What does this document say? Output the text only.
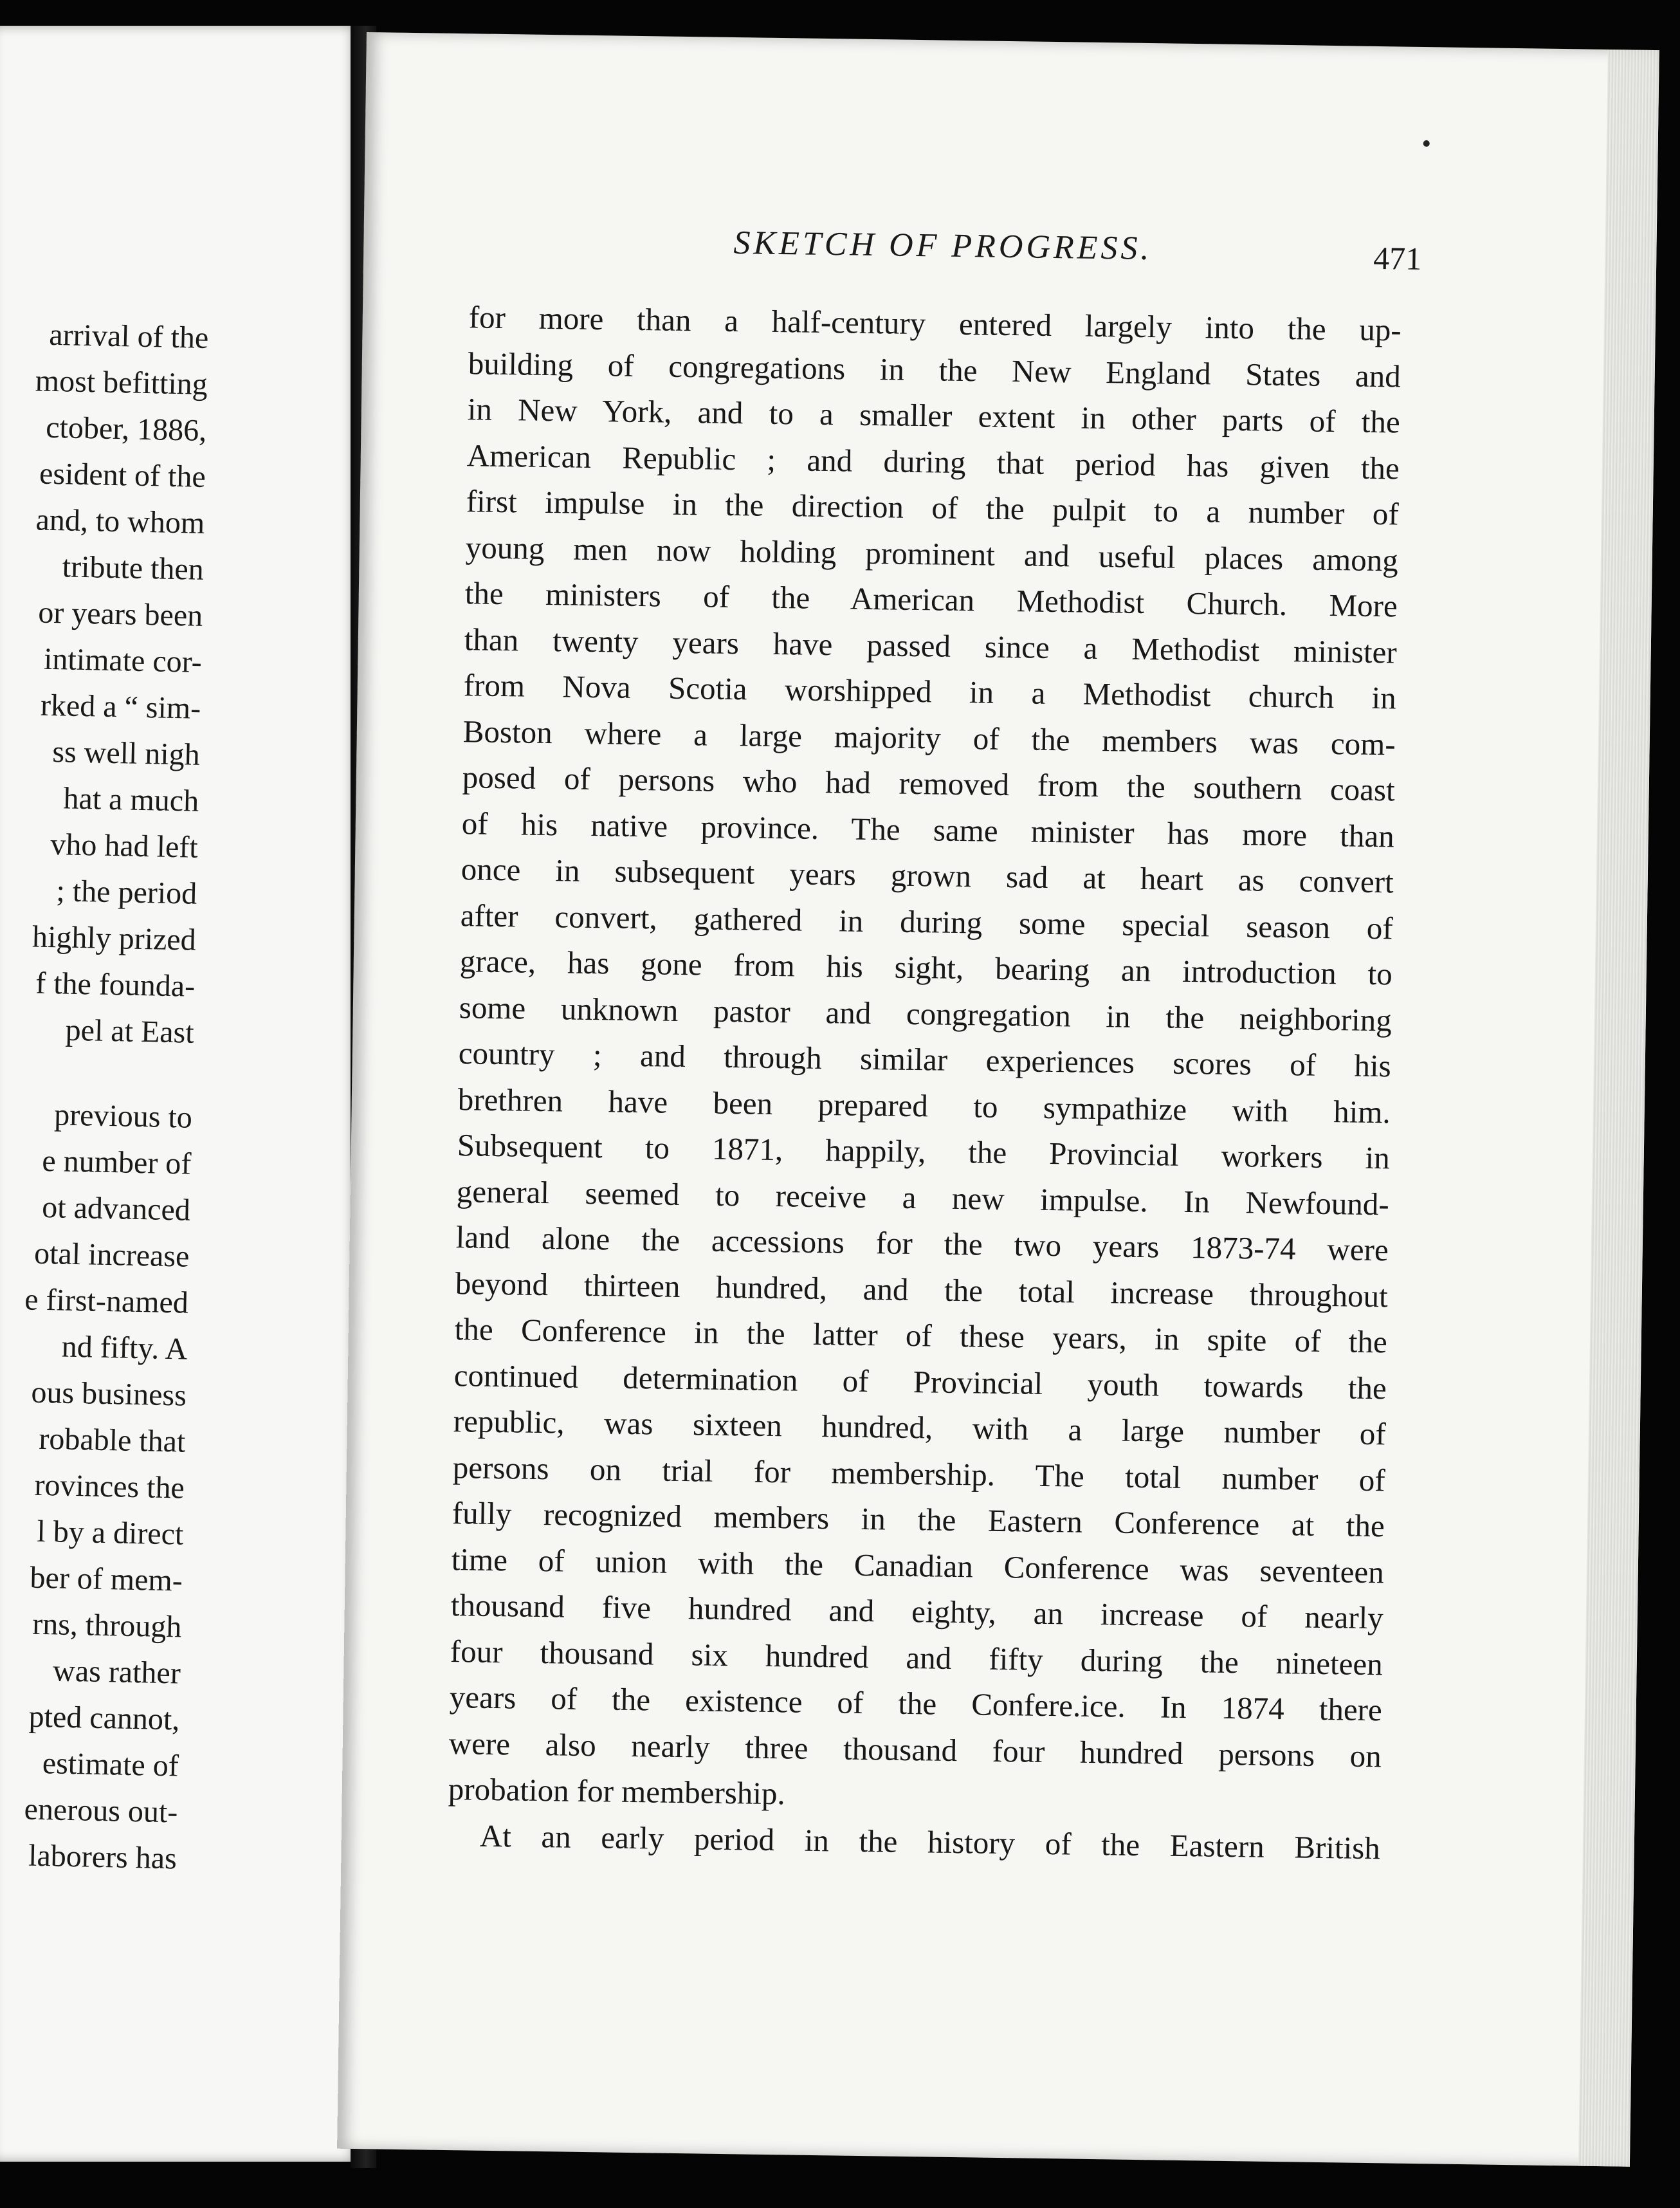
arrival of the
most befitting
ctober, 1886,
esident of the
and, to whom
tribute then
or years been
intimate cor-
rked a “ sim-
ss well nigh
hat a much
vho had left
; the period
highly prized
f the founda-
pel at East
previous to
e number of
ot advanced
otal increase
e first-named
nd fifty. A
ous business
robable that
rovinces the
l by a direct
ber of mem-
rns, through
was rather
pted cannot,
estimate of
enerous out-
laborers has
SKETCH OF PROGRESS.	471
for more than a half-century entered largely into the up-
building of congregations in the New England States and
in New York, and to a smaller extent in other parts of the
American Republic ; and during that period has given the
first impulse in the direction of the pulpit to a number of
young men now holding prominent and useful places among
the ministers of the American Methodist Church. More
than twenty years have passed since a Methodist minister
from Nova Scotia worshipped in a Methodist church in
Boston where a large majority of the members was com-
posed of persons who had removed from the southern coast
of his native province. The same minister has more than
once in subsequent years grown sad at heart as convert
after convert, gathered in during some special season of
grace, has gone from his sight, bearing an introduction to
some unknown pastor and congregation in the neighboring
country ; and through similar experiences scores of his
brethren have been prepared to sympathize with him.
Subsequent to 1871, happily, the Provincial workers in
general seemed to receive a new impulse. In Newfound-
land alone the accessions for the two years 1873-74 were
beyond thirteen hundred, and the total increase throughout
the Conference in the latter of these years, in spite of the
continued determination of Provincial youth towards the
republic, was sixteen hundred, with a large number of
persons on trial for membership. The total number of
fully recognized members in the Eastern Conference at the
time of union with the Canadian Conference was seventeen
thousand five hundred and eighty, an increase of nearly
four thousand six hundred and fifty during the nineteen
years of the existence of the Confere.ice. In 1874 there
were also nearly three thousand four hundred persons on
probation for membership.
At an early period in the history of the Eastern British
